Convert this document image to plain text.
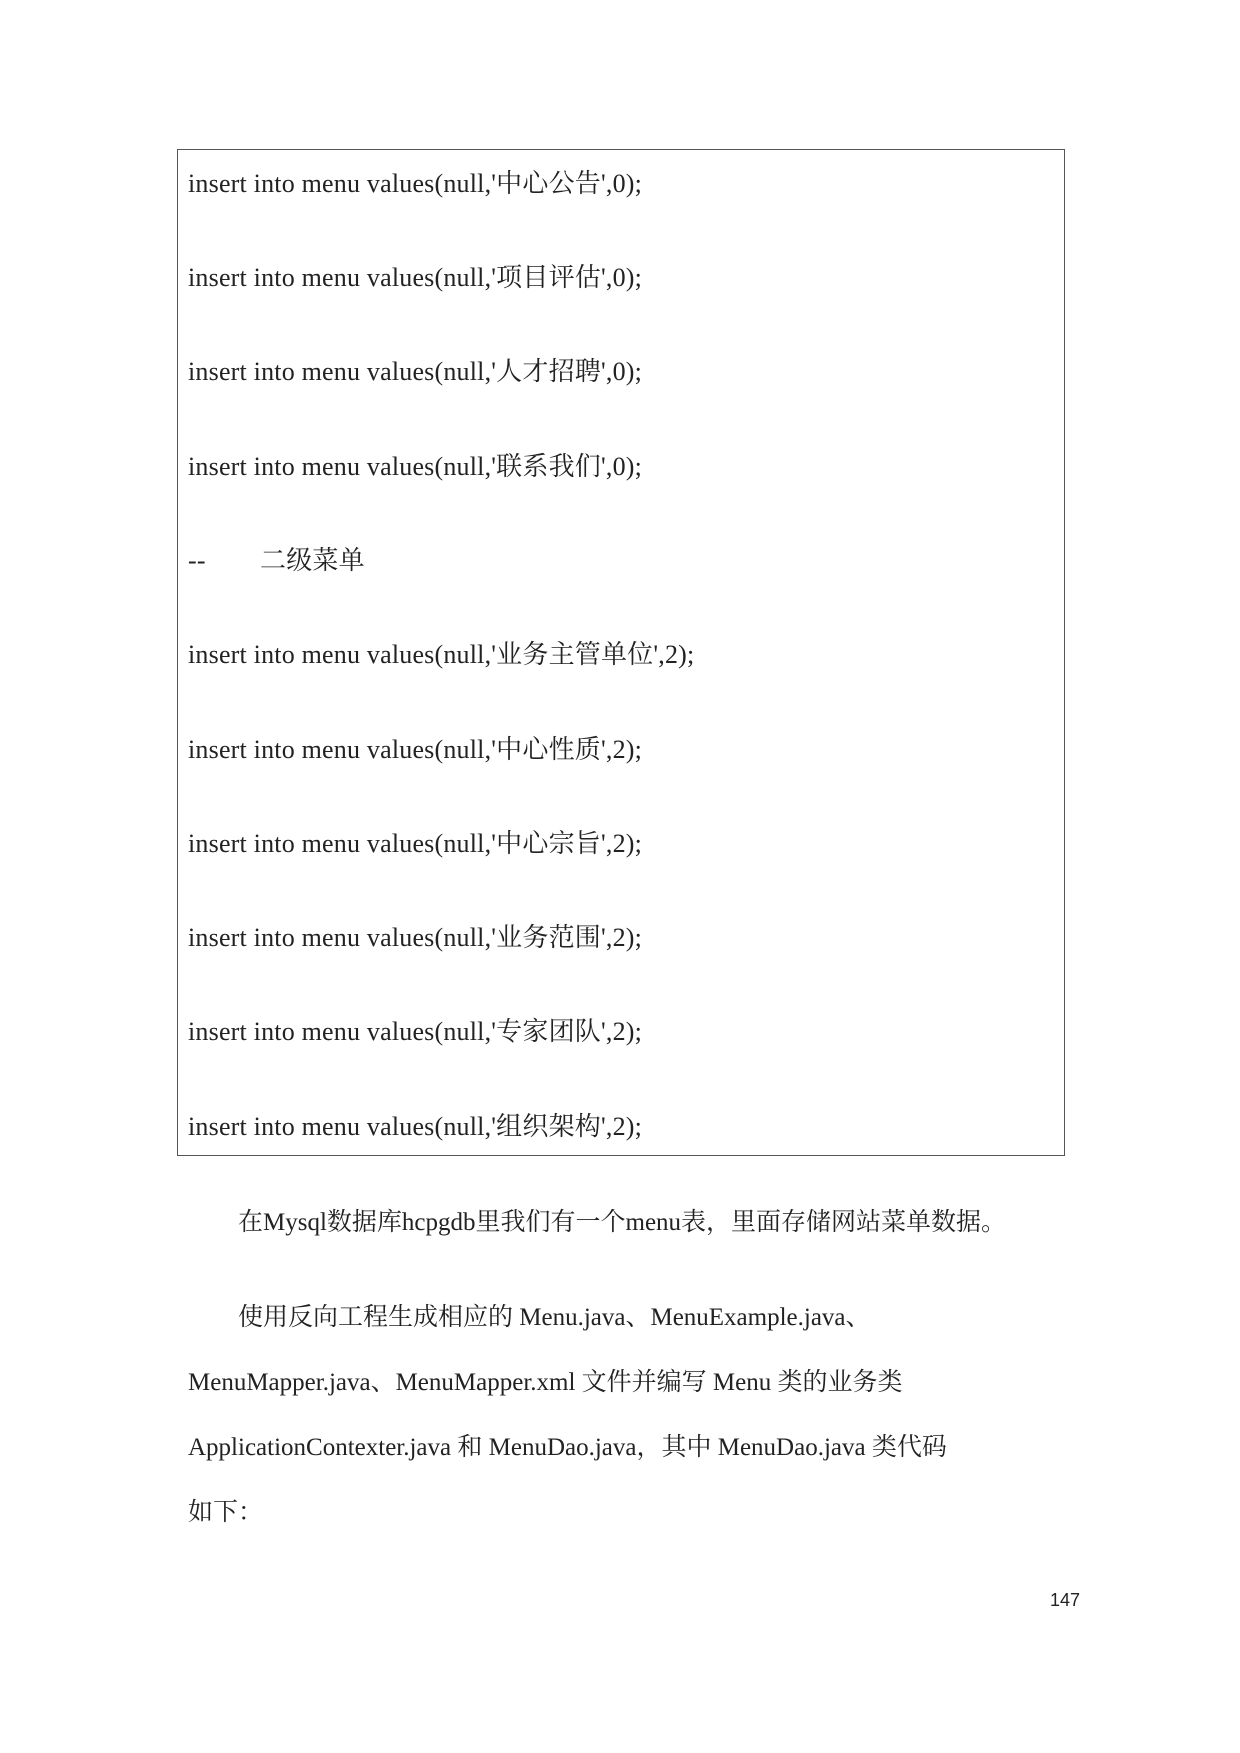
insert into menu values(null,'中心公告',0);
insert into menu values(null,'项目评估',0);
insert into menu values(null,'人才招聘',0);
insert into menu values(null,'联系我们',0);
-- 二级菜单
insert into menu values(null,'业务主管单位',2);
insert into menu values(null,'中心性质',2);
insert into menu values(null,'中心宗旨',2);
insert into menu values(null,'业务范围',2);
insert into menu values(null,'专家团队',2);
insert into menu values(null,'组织架构',2);
在Mysql数据库hcpgdb里我们有一个menu表，里面存储网站菜单数据。
使用反向工程生成相应的 Menu.java、MenuExample.java、
MenuMapper.java、MenuMapper.xml 文件并编写 Menu 类的业务类
ApplicationContexter.java 和 MenuDao.java，其中 MenuDao.java 类代码
如下：
147
